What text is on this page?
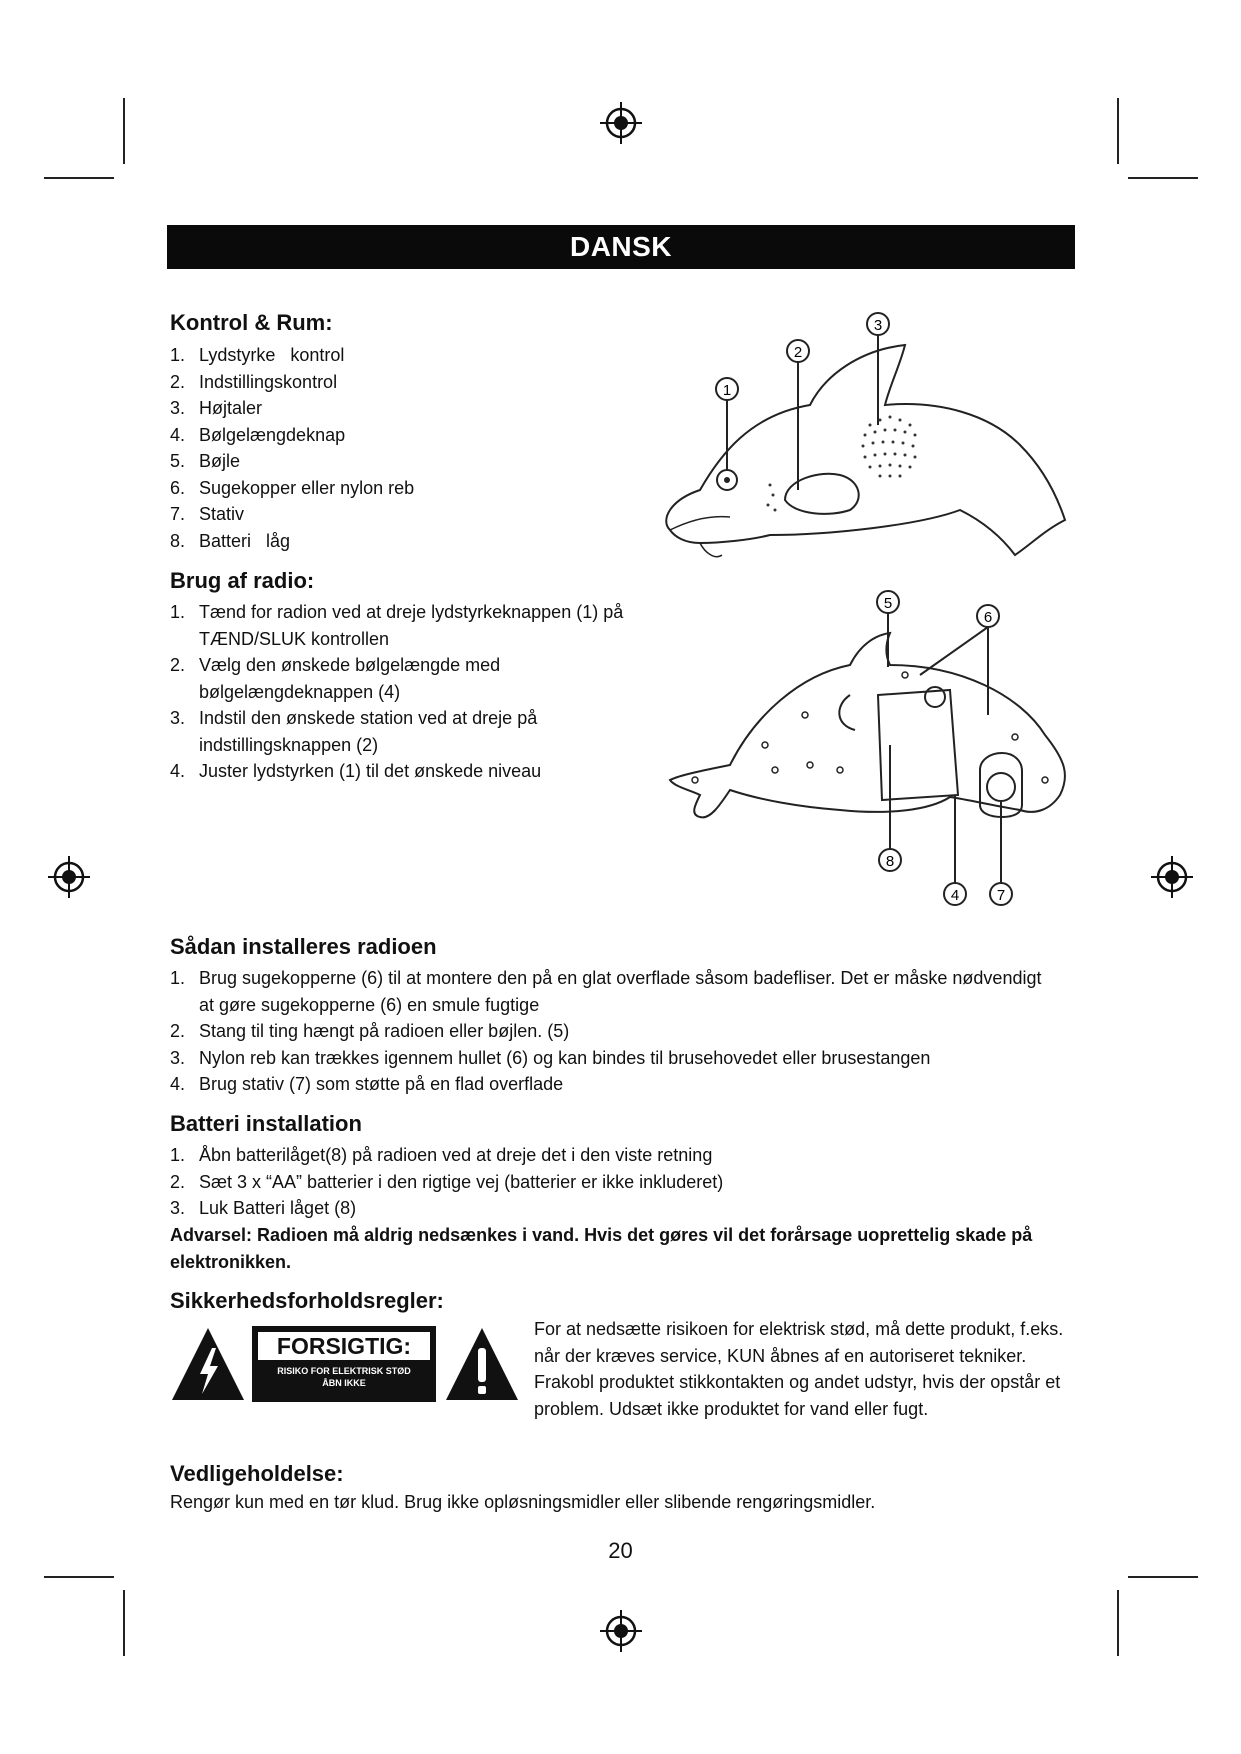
DANSK
Kontrol & Rum:
1. Lydstyrke   kontrol
2. Indstillingskontrol
3. Højtaler
4. Bølgelængdeknap
5. Bøjle
6. Sugekopper eller nylon reb
7. Stativ
8. Batteri   låg
Brug af radio:
1. Tænd for radion ved at dreje lydstyrkeknappen (1) på TÆND/SLUK kontrollen
2. Vælg den ønskede bølgelængde med bølgelængdeknappen (4)
3. Indstil den ønskede station ved at dreje på indstillingsknappen (2)
4. Juster lydstyrken (1) til det ønskede niveau
1
2
3
5
6
8
4	7
Sådan installeres radioen
1. Brug sugekopperne (6) til at montere den på en glat overflade såsom badefliser. Det er måske nødvendigt at gøre sugekopperne (6) en smule fugtige
2. Stang til ting hængt på radioen eller bøjlen. (5)
3. Nylon reb kan trækkes igennem hullet (6) og kan bindes til brusehovedet eller brusestangen
4. Brug stativ (7) som støtte på en flad overflade
Batteri installation
1. Åbn batterilåget(8) på radioen ved at dreje det i den viste retning
2. Sæt 3 x “AA” batterier i den rigtige vej (batterier er ikke inkluderet)
3. Luk Batteri låget (8)

Advarsel: Radioen må aldrig nedsænkes i vand. Hvis det gøres vil det forårsage uoprettelig skade på elektronikken.

Sikkerhedsforholdsregler:
FORSIGTIG:
RISIKO FOR ELEKTRISK STØD
ÅBN IKKE

For at nedsætte risikoen for elektrisk stød, må dette produkt, f.eks. når der kræves service, KUN åbnes af en autoriseret tekniker. Frakobl produktet stikkontakten og andet udstyr, hvis der opstår et problem. Udsæt ikke produktet for vand eller fugt.

Vedligeholdelse:

Rengør kun med en tør klud. Brug ikke opløsningsmidler eller slibende rengøringsmidler.

20
